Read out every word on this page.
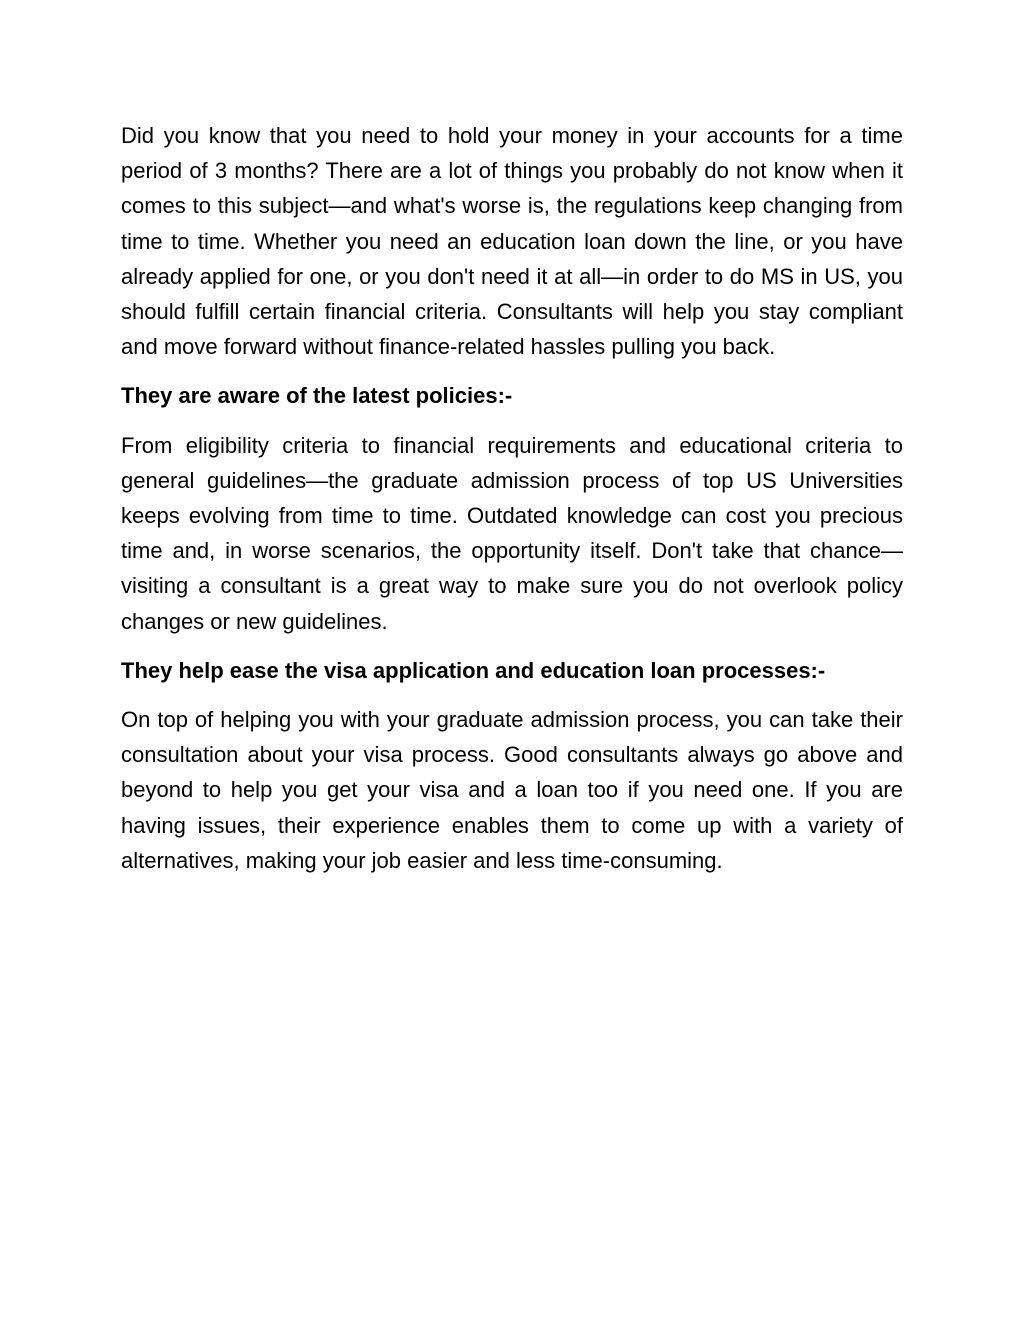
Did you know that you need to hold your money in your accounts for a time period of 3 months? There are a lot of things you probably do not know when it comes to this subject—and what's worse is, the regulations keep changing from time to time. Whether you need an education loan down the line, or you have already applied for one, or you don't need it at all—in order to do MS in US, you should fulfill certain financial criteria. Consultants will help you stay compliant and move forward without finance-related hassles pulling you back.

They are aware of the latest policies:-

From eligibility criteria to financial requirements and educational criteria to general guidelines—the graduate admission process of top US Universities keeps evolving from time to time. Outdated knowledge can cost you precious time and, in worse scenarios, the opportunity itself. Don't take that chance—visiting a consultant is a great way to make sure you do not overlook policy changes or new guidelines.

They help ease the visa application and education loan processes:-

On top of helping you with your graduate admission process, you can take their consultation about your visa process. Good consultants always go above and beyond to help you get your visa and a loan too if you need one. If you are having issues, their experience enables them to come up with a variety of alternatives, making your job easier and less time-consuming.
